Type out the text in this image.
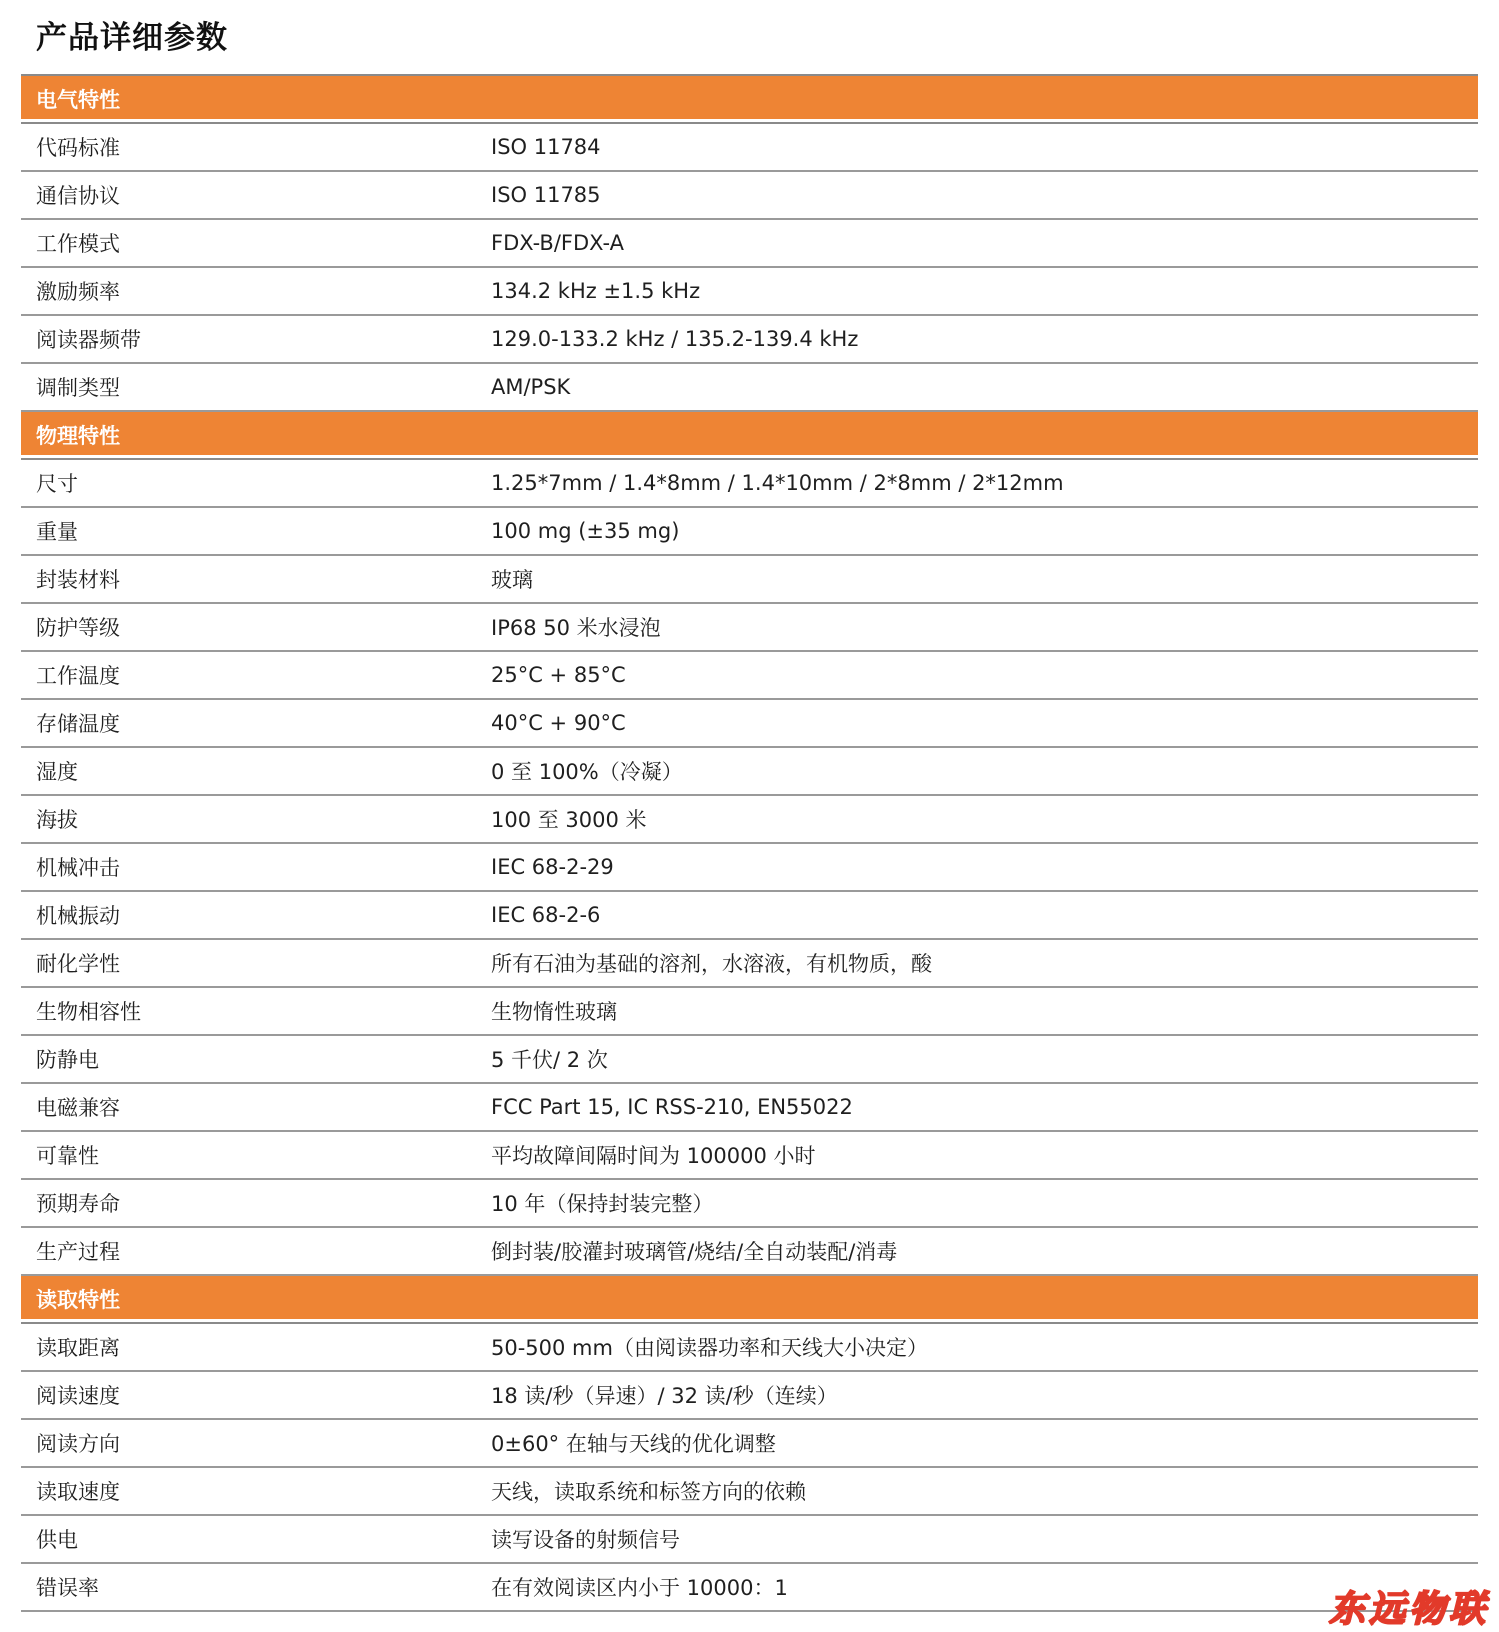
产品详细参数
电气特性
代码标准	ISO 11784
通信协议	ISO 11785
工作模式	FDX-B/FDX-A
激励频率	134.2 kHz ±1.5 kHz
阅读器频带	129.0-133.2 kHz / 135.2-139.4 kHz
调制类型	AM/PSK
物理特性
尺寸	1.25*7mm / 1.4*8mm / 1.4*10mm / 2*8mm / 2*12mm
重量	100 mg (±35 mg)
封装材料	玻璃
防护等级	IP68 50 米水浸泡
工作温度	25°C + 85°C
存储温度	40°C + 90°C
湿度	0 至 100%（冷凝）
海拔	100 至 3000 米
机械冲击	IEC 68-2-29
机械振动	IEC 68-2-6
耐化学性	所有石油为基础的溶剂，水溶液，有机物质，酸
生物相容性	生物惰性玻璃
防静电	5 千伏/ 2 次
电磁兼容	FCC Part 15, IC RSS-210, EN55022
可靠性	平均故障间隔时间为 100000 小时
预期寿命	10 年（保持封装完整）
生产过程	倒封装/胶灌封玻璃管/烧结/全自动装配/消毒
读取特性
读取距离	50-500 mm（由阅读器功率和天线大小决定）
阅读速度	18 读/秒（异速）/ 32 读/秒（连续）
阅读方向	0±60° 在轴与天线的优化调整
读取速度	天线，读取系统和标签方向的依赖
供电	读写设备的射频信号
错误率	在有效阅读区内小于 10000：1	东远物联
